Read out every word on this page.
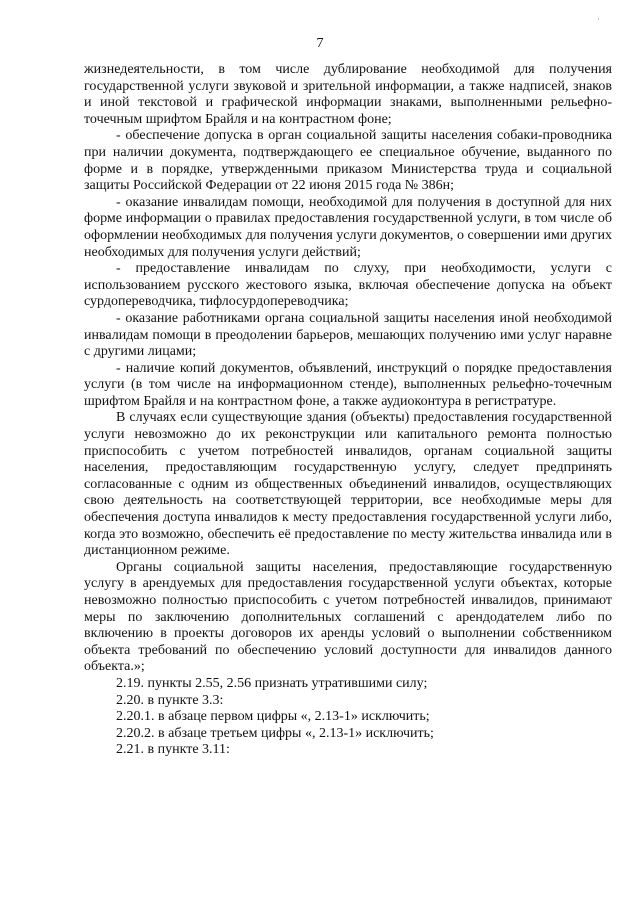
·
7

жизнедеятельности, в том числе дублирование необходимой для получения государственной услуги звуковой и зрительной информации, а также надписей, знаков и иной текстовой и графической информации знаками, выполненными рельефно-точечным шрифтом Брайля и на контрастном фоне;

- обеспечение допуска в орган социальной защиты населения собаки-проводника при наличии документа, подтверждающего ее специальное обучение, выданного по форме и в порядке, утвержденными приказом Министерства труда и социальной защиты Российской Федерации от 22 июня 2015 года № 386н;

- оказание инвалидам помощи, необходимой для получения в доступной для них форме информации о правилах предоставления государственной услуги, в том числе об оформлении необходимых для получения услуги документов, о совершении ими других необходимых для получения услуги действий;

- предоставление инвалидам по слуху, при необходимости, услуги с использованием русского жестового языка, включая обеспечение допуска на объект сурдопереводчика, тифлосурдопереводчика;

- оказание работниками органа социальной защиты населения иной необходимой инвалидам помощи в преодолении барьеров, мешающих получению ими услуг наравне с другими лицами;

- наличие копий документов, объявлений, инструкций о порядке предоставления услуги (в том числе на информационном стенде), выполненных рельефно-точечным шрифтом Брайля и на контрастном фоне, а также аудиоконтура в регистратуре.

В случаях если существующие здания (объекты) предоставления государственной услуги невозможно до их реконструкции или капитального ремонта полностью приспособить с учетом потребностей инвалидов, органам социальной защиты населения, предоставляющим государственную услугу, следует предпринять согласованные с одним из общественных объединений инвалидов, осуществляющих свою деятельность на соответствующей территории, все необходимые меры для обеспечения доступа инвалидов к месту предоставления государственной услуги либо, когда это возможно, обеспечить её предоставление по месту жительства инвалида или в дистанционном режиме.

Органы социальной защиты населения, предоставляющие государственную услугу в арендуемых для предоставления государственной услуги объектах, которые невозможно полностью приспособить с учетом потребностей инвалидов, принимают меры по заключению дополнительных соглашений с арендодателем либо по включению в проекты договоров их аренды условий о выполнении собственником объекта требований по обеспечению условий доступности для инвалидов данного объекта.»;

2.19. пункты 2.55, 2.56 признать утратившими силу;

2.20. в пункте 3.3:

2.20.1. в абзаце первом цифры «, 2.13-1» исключить;

2.20.2. в абзаце третьем цифры «, 2.13-1» исключить;

2.21. в пункте 3.11:
